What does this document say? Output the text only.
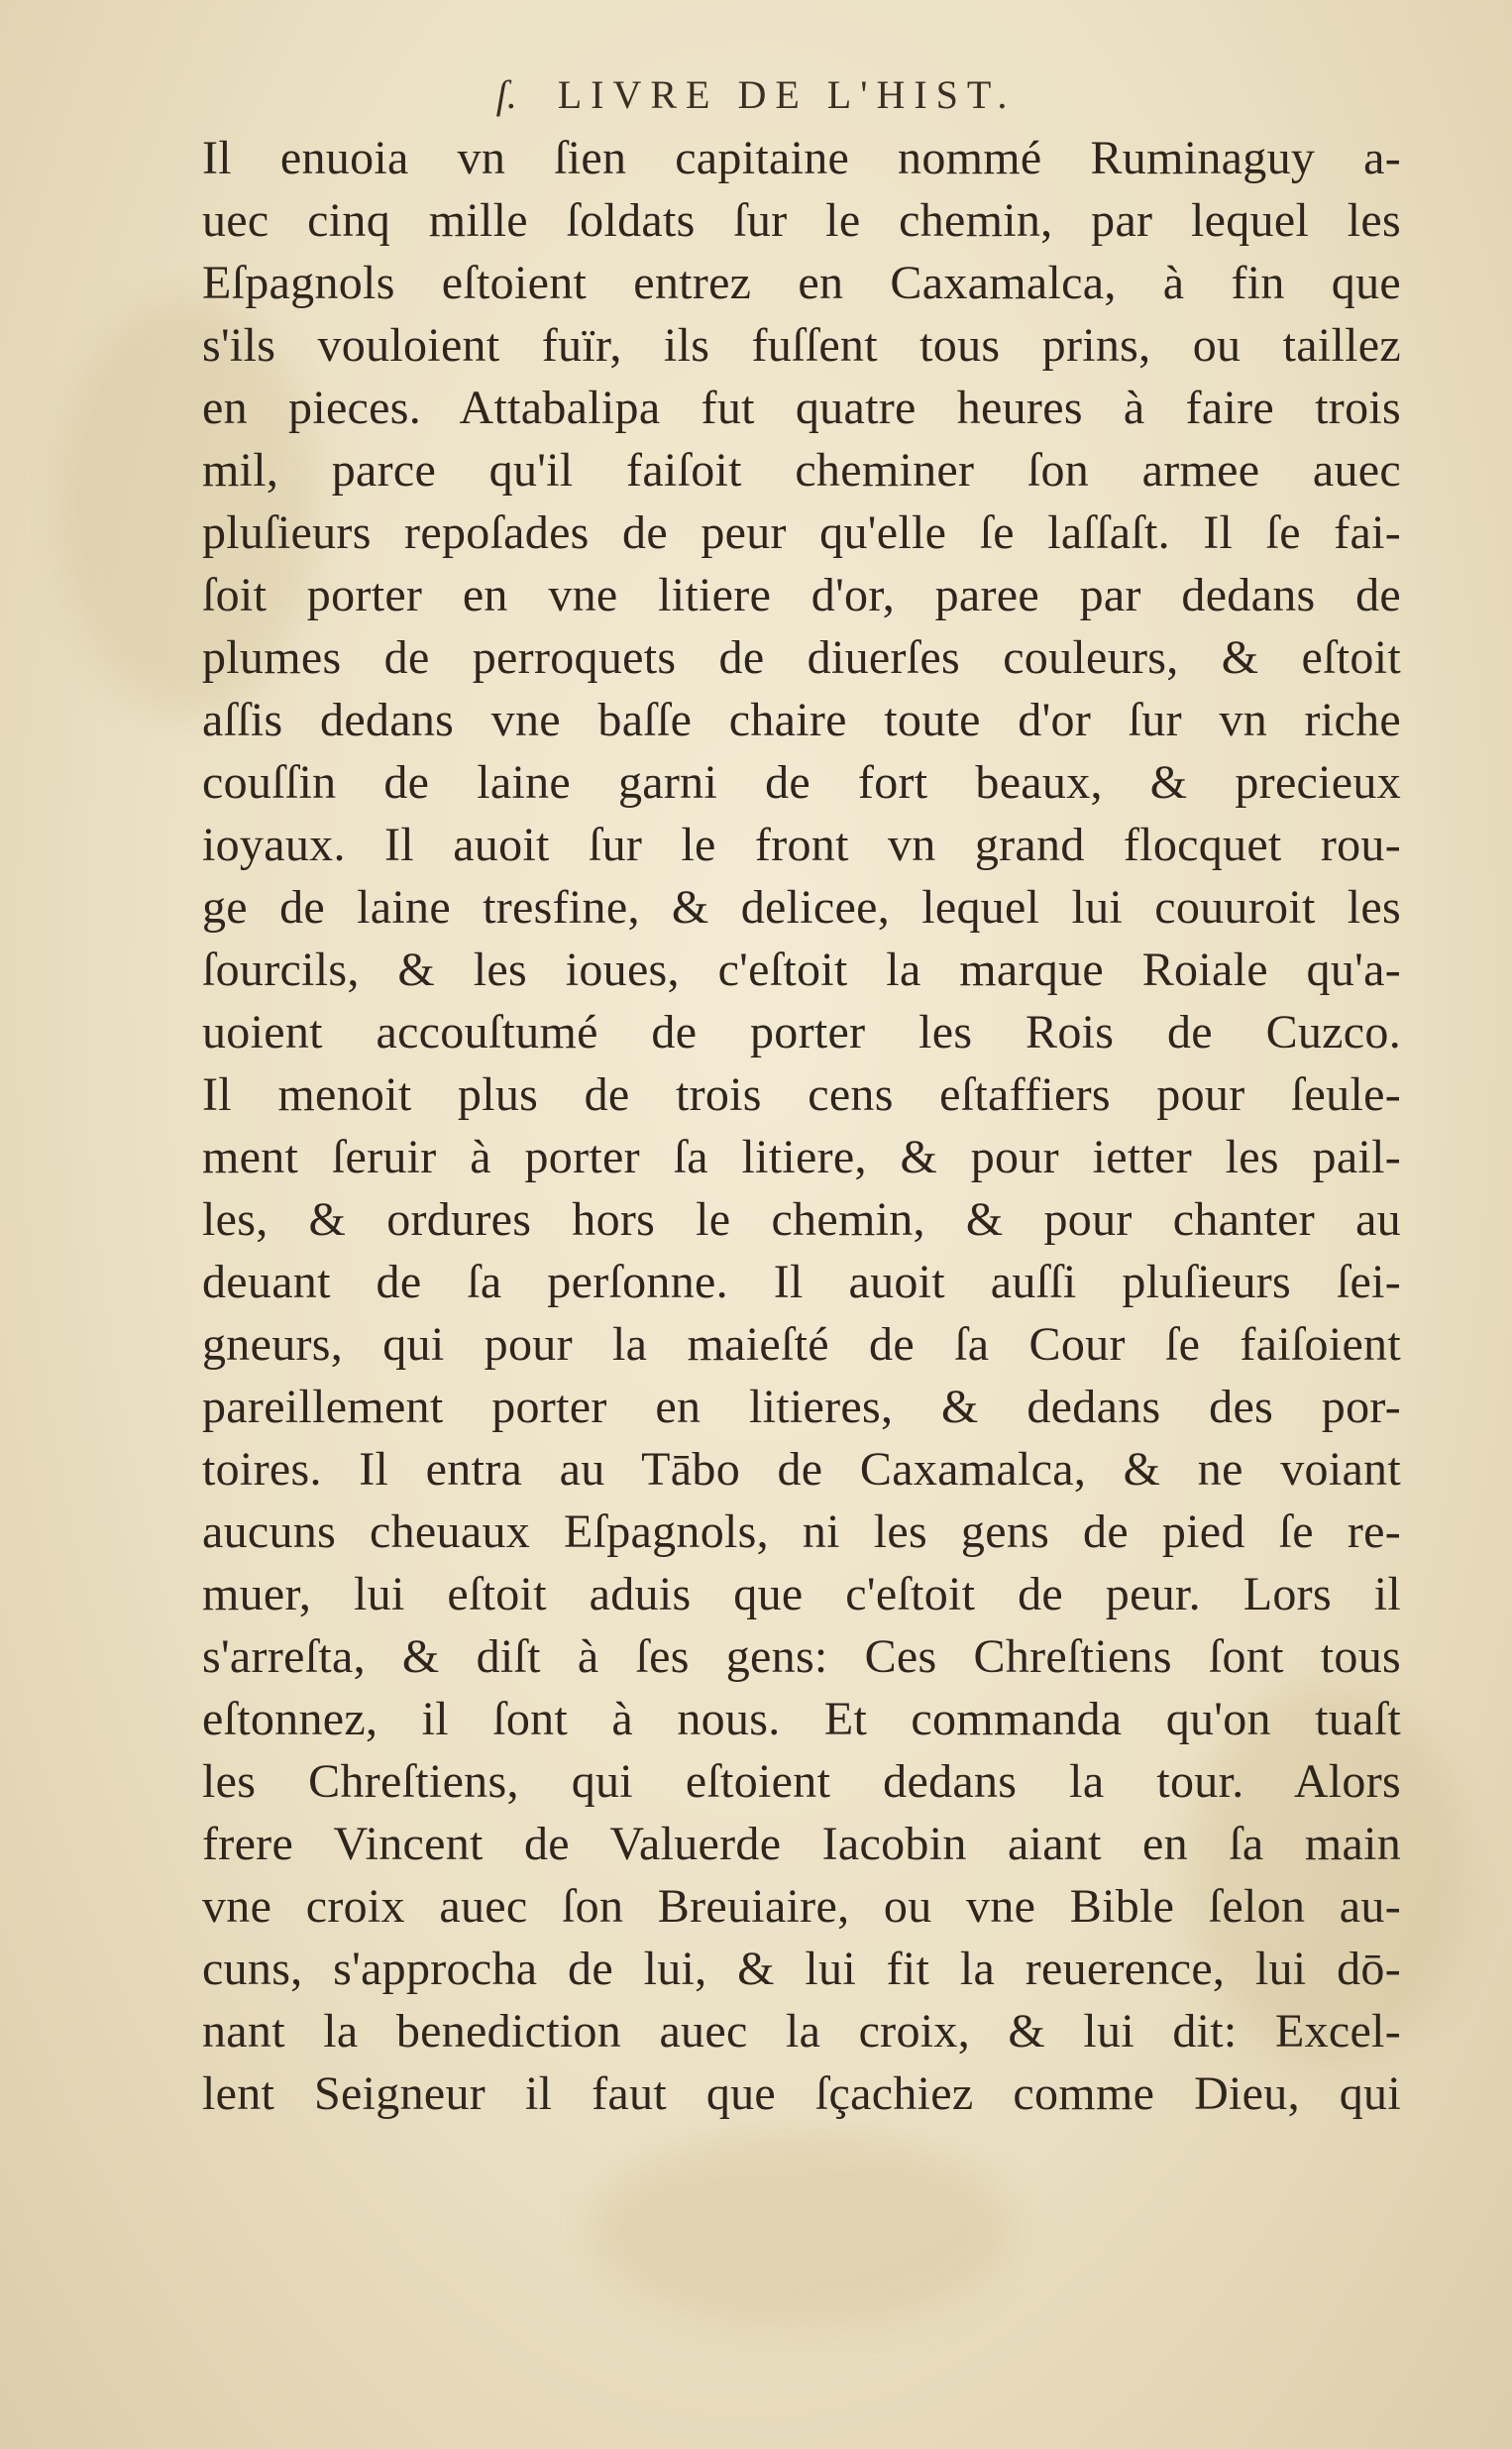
ſ. LIVRE DE L'HIST.
Il enuoia vn ſien capitaine nommé Ruminaguy a-
uec cinq mille ſoldats ſur le chemin, par lequel les
Eſpagnols eſtoient entrez en Caxamalca, à fin que
s'ils vouloient fuïr, ils fuſſent tous prins, ou taillez
en pieces. Attabalipa fut quatre heures à faire trois
mil, parce qu'il faiſoit cheminer ſon armee auec
pluſieurs repoſades de peur qu'elle ſe laſſaſt. Il ſe fai-
ſoit porter en vne litiere d'or, paree par dedans de
plumes de perroquets de diuerſes couleurs, & eſtoit
aſſis dedans vne baſſe chaire toute d'or ſur vn riche
couſſin de laine garni de fort beaux, & precieux
ioyaux. Il auoit ſur le front vn grand flocquet rou-
ge de laine tresfine, & delicee, lequel lui couuroit les
ſourcils, & les ioues, c'eſtoit la marque Roiale qu'a-
uoient accouſtumé de porter les Rois de Cuzco.
Il menoit plus de trois cens eſtaffiers pour ſeule-
ment ſeruir à porter ſa litiere, & pour ietter les pail-
les, & ordures hors le chemin, & pour chanter au
deuant de ſa perſonne. Il auoit auſſi pluſieurs ſei-
gneurs, qui pour la maieſté de ſa Cour ſe faiſoient
pareillement porter en litieres, & dedans des por-
toires. Il entra au Tābo de Caxamalca, & ne voiant
aucuns cheuaux Eſpagnols, ni les gens de pied ſe re-
muer, lui eſtoit aduis que c'eſtoit de peur. Lors il
s'arreſta, & diſt à ſes gens: Ces Chreſtiens ſont tous
eſtonnez, il ſont à nous. Et commanda qu'on tuaſt
les Chreſtiens, qui eſtoient dedans la tour. Alors
frere Vincent de Valuerde Iacobin aiant en ſa main
vne croix auec ſon Breuiaire, ou vne Bible ſelon au-
cuns, s'approcha de lui, & lui fit la reuerence, lui dō-
nant la benediction auec la croix, & lui dit: Excel-
lent Seigneur il faut que ſçachiez comme Dieu, qui
